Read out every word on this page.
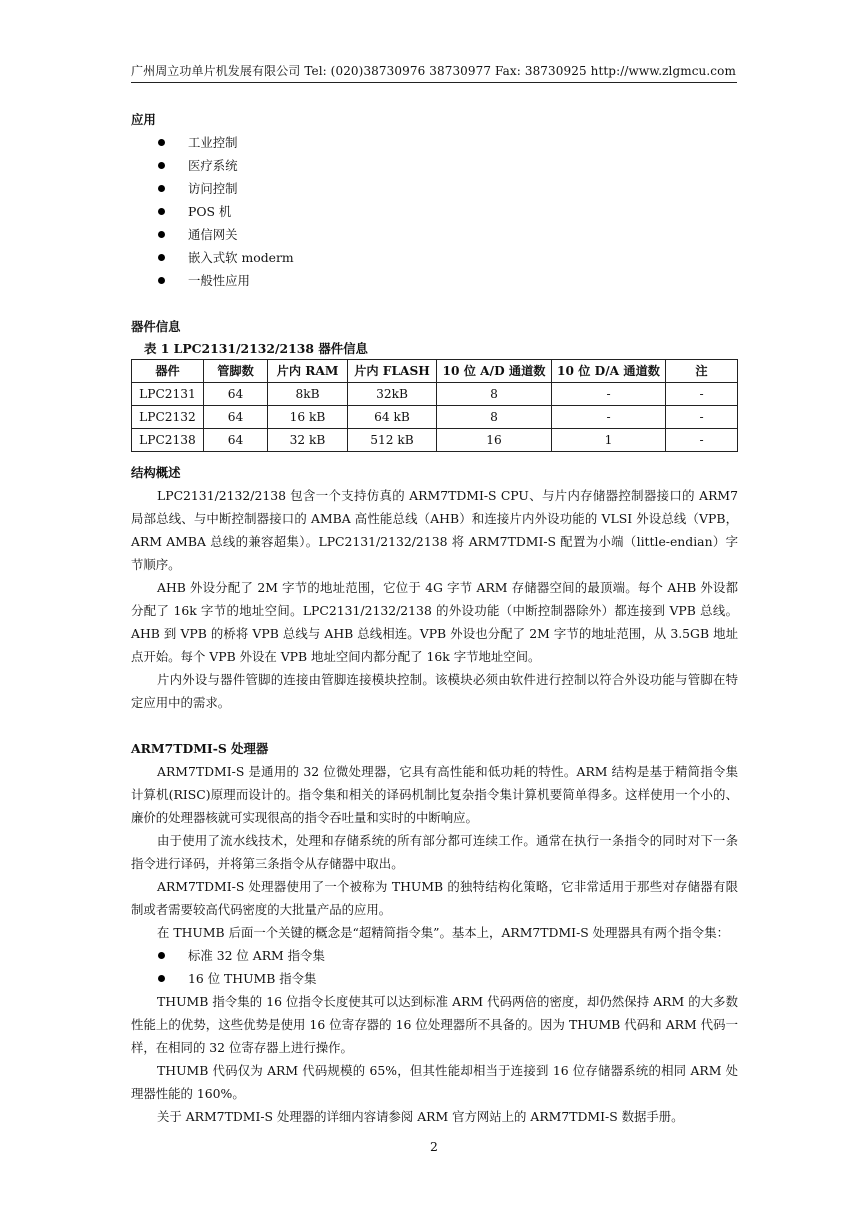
广州周立功单片机发展有限公司 Tel: (020)38730976 38730977 Fax: 38730925 http://www.zlgmcu.com
应用
工业控制
医疗系统
访问控制
POS 机
通信网关
嵌入式软 moderm
一般性应用
器件信息
表 1 LPC2131/2132/2138 器件信息
器件	管脚数	片内 RAM	片内 FLASH	10 位 A/D 通道数	10 位 D/A 通道数	注
LPC2131	64	8kB	32kB	8	-	-
LPC2132	64	16 kB	64 kB	8	-	-
LPC2138	64	32 kB	512 kB	16	1	-
结构概述

LPC2131/2132/2138 包含一个支持仿真的 ARM7TDMI-S CPU、与片内存储器控制器接口的 ARM7 局部总线、与中断控制器接口的 AMBA 高性能总线（AHB）和连接片内外设功能的 VLSI 外设总线（VPB，ARM AMBA 总线的兼容超集）。LPC2131/2132/2138 将 ARM7TDMI-S 配置为小端（little-endian）字节顺序。

AHB 外设分配了 2M 字节的地址范围，它位于 4G 字节 ARM 存储器空间的最顶端。每个 AHB 外设都分配了 16k 字节的地址空间。LPC2131/2132/2138 的外设功能（中断控制器除外）都连接到 VPB 总线。AHB 到 VPB 的桥将 VPB 总线与 AHB 总线相连。VPB 外设也分配了 2M 字节的地址范围，从 3.5GB 地址点开始。每个 VPB 外设在 VPB 地址空间内都分配了 16k 字节地址空间。

片内外设与器件管脚的连接由管脚连接模块控制。该模块必须由软件进行控制以符合外设功能与管脚在特定应用中的需求。

ARM7TDMI-S 处理器

ARM7TDMI-S 是通用的 32 位微处理器，它具有高性能和低功耗的特性。ARM 结构是基于精简指令集计算机(RISC)原理而设计的。指令集和相关的译码机制比复杂指令集计算机要简单得多。这样使用一个小的、廉价的处理器核就可实现很高的指令吞吐量和实时的中断响应。

由于使用了流水线技术，处理和存储系统的所有部分都可连续工作。通常在执行一条指令的同时对下一条指令进行译码，并将第三条指令从存储器中取出。

ARM7TDMI-S 处理器使用了一个被称为 THUMB 的独特结构化策略，它非常适用于那些对存储器有限制或者需要较高代码密度的大批量产品的应用。

在 THUMB 后面一个关键的概念是“超精简指令集”。基本上，ARM7TDMI-S 处理器具有两个指令集：

标准 32 位 ARM 指令集
16 位 THUMB 指令集

THUMB 指令集的 16 位指令长度使其可以达到标准 ARM 代码两倍的密度，却仍然保持 ARM 的大多数性能上的优势，这些优势是使用 16 位寄存器的 16 位处理器所不具备的。因为 THUMB 代码和 ARM 代码一样，在相同的 32 位寄存器上进行操作。

THUMB 代码仅为 ARM 代码规模的 65%，但其性能却相当于连接到 16 位存储器系统的相同 ARM 处理器性能的 160%。

关于 ARM7TDMI-S 处理器的详细内容请参阅 ARM 官方网站上的 ARM7TDMI-S 数据手册。

2
